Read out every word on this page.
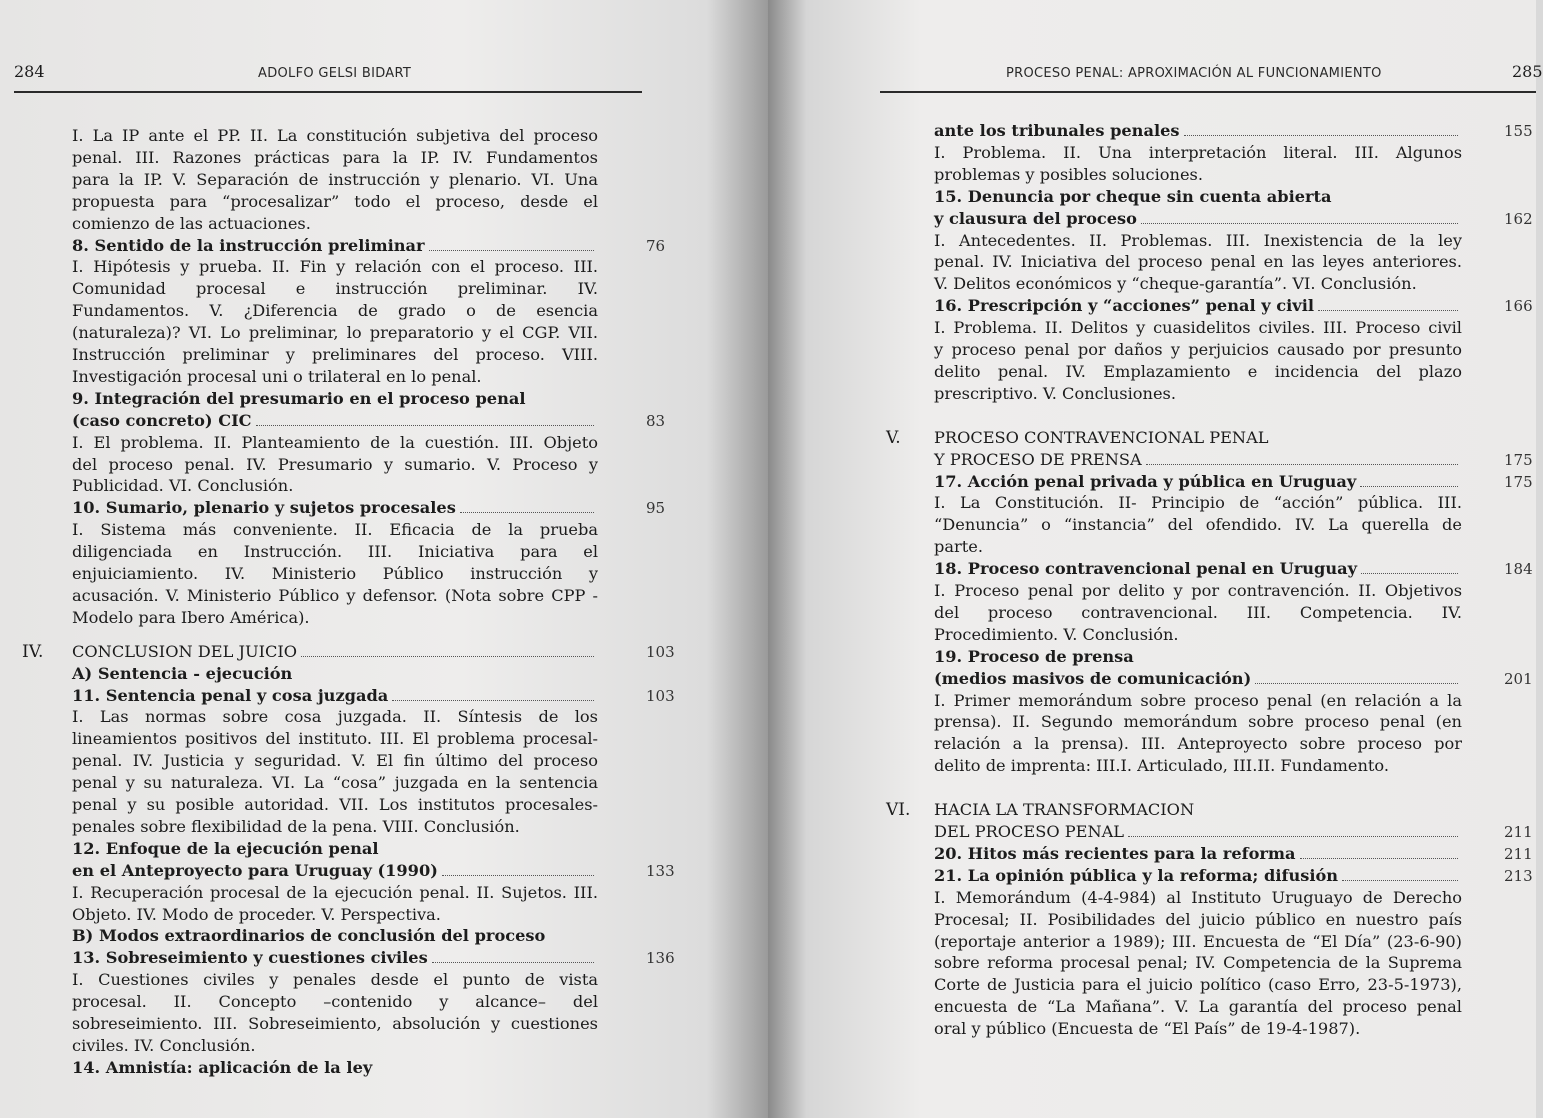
284	ADOLFO GELSI BIDART
I. La IP ante el PP. II. La constitución subjetiva del proceso
penal. III. Razones prácticas para la IP. IV. Fundamentos
para la IP. V. Separación de instrucción y plenario. VI. Una
propuesta para “procesalizar” todo el proceso, desde el
comienzo de las actuaciones.
8. Sentido de la instrucción preliminar	76
I. Hipótesis y prueba. II. Fin y relación con el proceso. III.
Comunidad procesal e instrucción preliminar. IV.
Fundamentos. V. ¿Diferencia de grado o de esencia
(naturaleza)? VI. Lo preliminar, lo preparatorio y el CGP. VII.
Instrucción preliminar y preliminares del proceso. VIII.
Investigación procesal uni o trilateral en lo penal.
9. Integración del presumario en el proceso penal
(caso concreto) CIC	83
I. El problema. II. Planteamiento de la cuestión. III. Objeto
del proceso penal. IV. Presumario y sumario. V. Proceso y
Publicidad. VI. Conclusión.
10. Sumario, plenario y sujetos procesales	95
I. Sistema más conveniente. II. Eficacia de la prueba
diligenciada en Instrucción. III. Iniciativa para el
enjuiciamiento. IV. Ministerio Público instrucción y
acusación. V. Ministerio Público y defensor. (Nota sobre CPP -
Modelo para Ibero América).
IV. CONCLUSION DEL JUICIO	103
A) Sentencia - ejecución
11. Sentencia penal y cosa juzgada	103
I. Las normas sobre cosa juzgada. II. Síntesis de los
lineamientos positivos del instituto. III. El problema procesal-
penal. IV. Justicia y seguridad. V. El fin último del proceso
penal y su naturaleza. VI. La “cosa” juzgada en la sentencia
penal y su posible autoridad. VII. Los institutos procesales-
penales sobre flexibilidad de la pena. VIII. Conclusión.
12. Enfoque de la ejecución penal
en el Anteproyecto para Uruguay (1990)	133
I. Recuperación procesal de la ejecución penal. II. Sujetos. III.
Objeto. IV. Modo de proceder. V. Perspectiva.
B) Modos extraordinarios de conclusión del proceso
13. Sobreseimiento y cuestiones civiles	136
I. Cuestiones civiles y penales desde el punto de vista
procesal. II. Concepto –contenido y alcance– del
sobreseimiento. III. Sobreseimiento, absolución y cuestiones
civiles. IV. Conclusión.
14. Amnistía: aplicación de la ley
PROCESO PENAL: APROXIMACIÓN AL FUNCIONAMIENTO	285
ante los tribunales penales	155
I. Problema. II. Una interpretación literal. III. Algunos
problemas y posibles soluciones.
15. Denuncia por cheque sin cuenta abierta
y clausura del proceso	162
I. Antecedentes. II. Problemas. III. Inexistencia de la ley
penal. IV. Iniciativa del proceso penal en las leyes anteriores.
V. Delitos económicos y “cheque-garantía”. VI. Conclusión.
16. Prescripción y “acciones” penal y civil	166
I. Problema. II. Delitos y cuasidelitos civiles. III. Proceso civil
y proceso penal por daños y perjuicios causado por presunto
delito penal. IV. Emplazamiento e incidencia del plazo
prescriptivo. V. Conclusiones.
V. PROCESO CONTRAVENCIONAL PENAL
Y PROCESO DE PRENSA	175
17. Acción penal privada y pública en Uruguay	175
I. La Constitución. II- Principio de “acción” pública. III.
“Denuncia” o “instancia” del ofendido. IV. La querella de
parte.
18. Proceso contravencional penal en Uruguay	184
I. Proceso penal por delito y por contravención. II. Objetivos
del proceso contravencional. III. Competencia. IV.
Procedimiento. V. Conclusión.
19. Proceso de prensa
(medios masivos de comunicación)	201
I. Primer memorándum sobre proceso penal (en relación a la
prensa). II. Segundo memorándum sobre proceso penal (en
relación a la prensa). III. Anteproyecto sobre proceso por
delito de imprenta: III.I. Articulado, III.II. Fundamento.
VI. HACIA LA TRANSFORMACION
DEL PROCESO PENAL	211
20. Hitos más recientes para la reforma	211
21. La opinión pública y la reforma; difusión	213
I. Memorándum (4-4-984) al Instituto Uruguayo de Derecho
Procesal; II. Posibilidades del juicio público en nuestro país
(reportaje anterior a 1989); III. Encuesta de “El Día” (23-6-90)
sobre reforma procesal penal; IV. Competencia de la Suprema
Corte de Justicia para el juicio político (caso Erro, 23-5-1973),
encuesta de “La Mañana”. V. La garantía del proceso penal
oral y público (Encuesta de “El País” de 19-4-1987).
